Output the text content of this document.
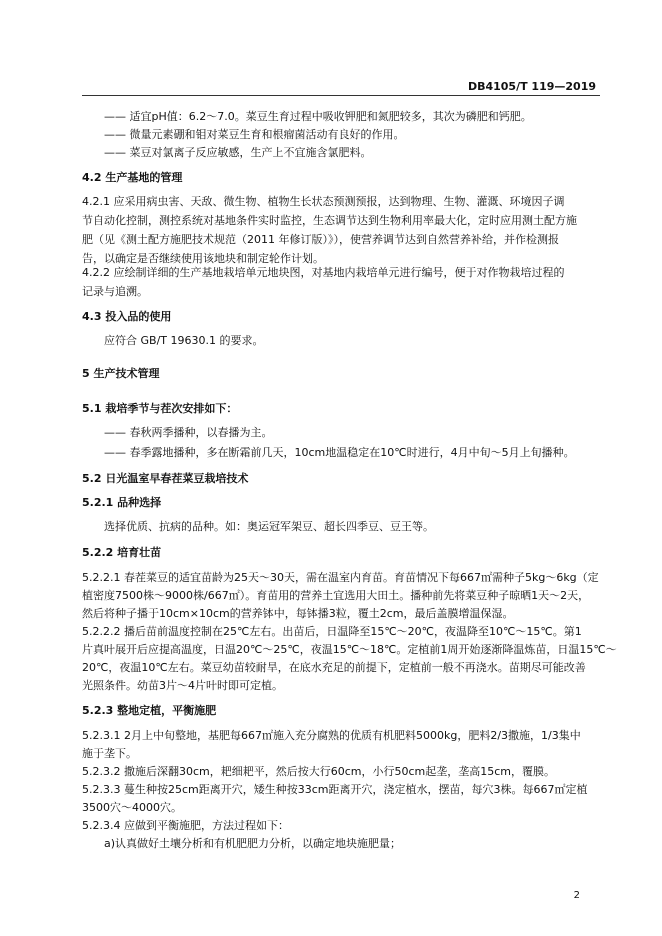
DB4105/T 119—2019
—— 适宜pH值：6.2～7.0。菜豆生育过程中吸收钾肥和氮肥较多，其次为磷肥和钙肥。
—— 微量元素硼和钼对菜豆生育和根瘤菌活动有良好的作用。
—— 菜豆对氯离子反应敏感，生产上不宜施含氯肥料。
4.2 生产基地的管理
4.2.1 应采用病虫害、天敌、微生物、植物生长状态预测预报，达到物理、生物、灌溉、环境因子调
节自动化控制，测控系统对基地条件实时监控，生态调节达到生物利用率最大化，定时应用测土配方施
肥（见《测土配方施肥技术规范（2011 年修订版）》），使营养调节达到自然营养补给，并作检测报
告，以确定是否继续使用该地块和制定轮作计划。
4.2.2 应绘制详细的生产基地栽培单元地块图，对基地内栽培单元进行编号，便于对作物栽培过程的
记录与追溯。
4.3 投入品的使用
应符合 GB/T 19630.1 的要求。
5 生产技术管理
5.1 栽培季节与茬次安排如下：
—— 春秋两季播种，以春播为主。
—— 春季露地播种，多在断霜前几天，10cm地温稳定在10℃时进行，4月中旬～5月上旬播种。
5.2 日光温室早春茬菜豆栽培技术
5.2.1 品种选择
选择优质、抗病的品种。如：奥运冠军架豆、超长四季豆、豆王等。
5.2.2 培育壮苗
5.2.2.1 春茬菜豆的适宜苗龄为25天～30天，需在温室内育苗。育苗情况下每667㎡需种子5kg～6kg（定
植密度7500株～9000株/667㎡）。育苗用的营养土宜选用大田土。播种前先将菜豆种子晾晒1天～2天，
然后将种子播于10cm×10cm的营养钵中，每钵播3粒，覆土2cm，最后盖膜增温保湿。
5.2.2.2 播后苗前温度控制在25℃左右。出苗后，日温降至15℃～20℃，夜温降至10℃～15℃。第1
片真叶展开后应提高温度，日温20℃～25℃，夜温15℃～18℃。定植前1周开始逐渐降温炼苗，日温15℃～
20℃，夜温10℃左右。菜豆幼苗较耐旱，在底水充足的前提下，定植前一般不再浇水。苗期尽可能改善
光照条件。幼苗3片～4片叶时即可定植。
5.2.3 整地定植，平衡施肥
5.2.3.1 2月上中旬整地，基肥每667㎡施入充分腐熟的优质有机肥料5000kg，肥料2/3撒施，1/3集中
施于垄下。
5.2.3.2 撒施后深翻30cm，耙细耙平，然后按大行60cm，小行50cm起垄，垄高15cm，覆膜。
5.2.3.3 蔓生种按25cm距离开穴，矮生种按33cm距离开穴，浇定植水，摆苗，每穴3株。每667㎡定植
3500穴～4000穴。
5.2.3.4 应做到平衡施肥，方法过程如下：
a)认真做好土壤分析和有机肥肥力分析，以确定地块施肥量；
2
